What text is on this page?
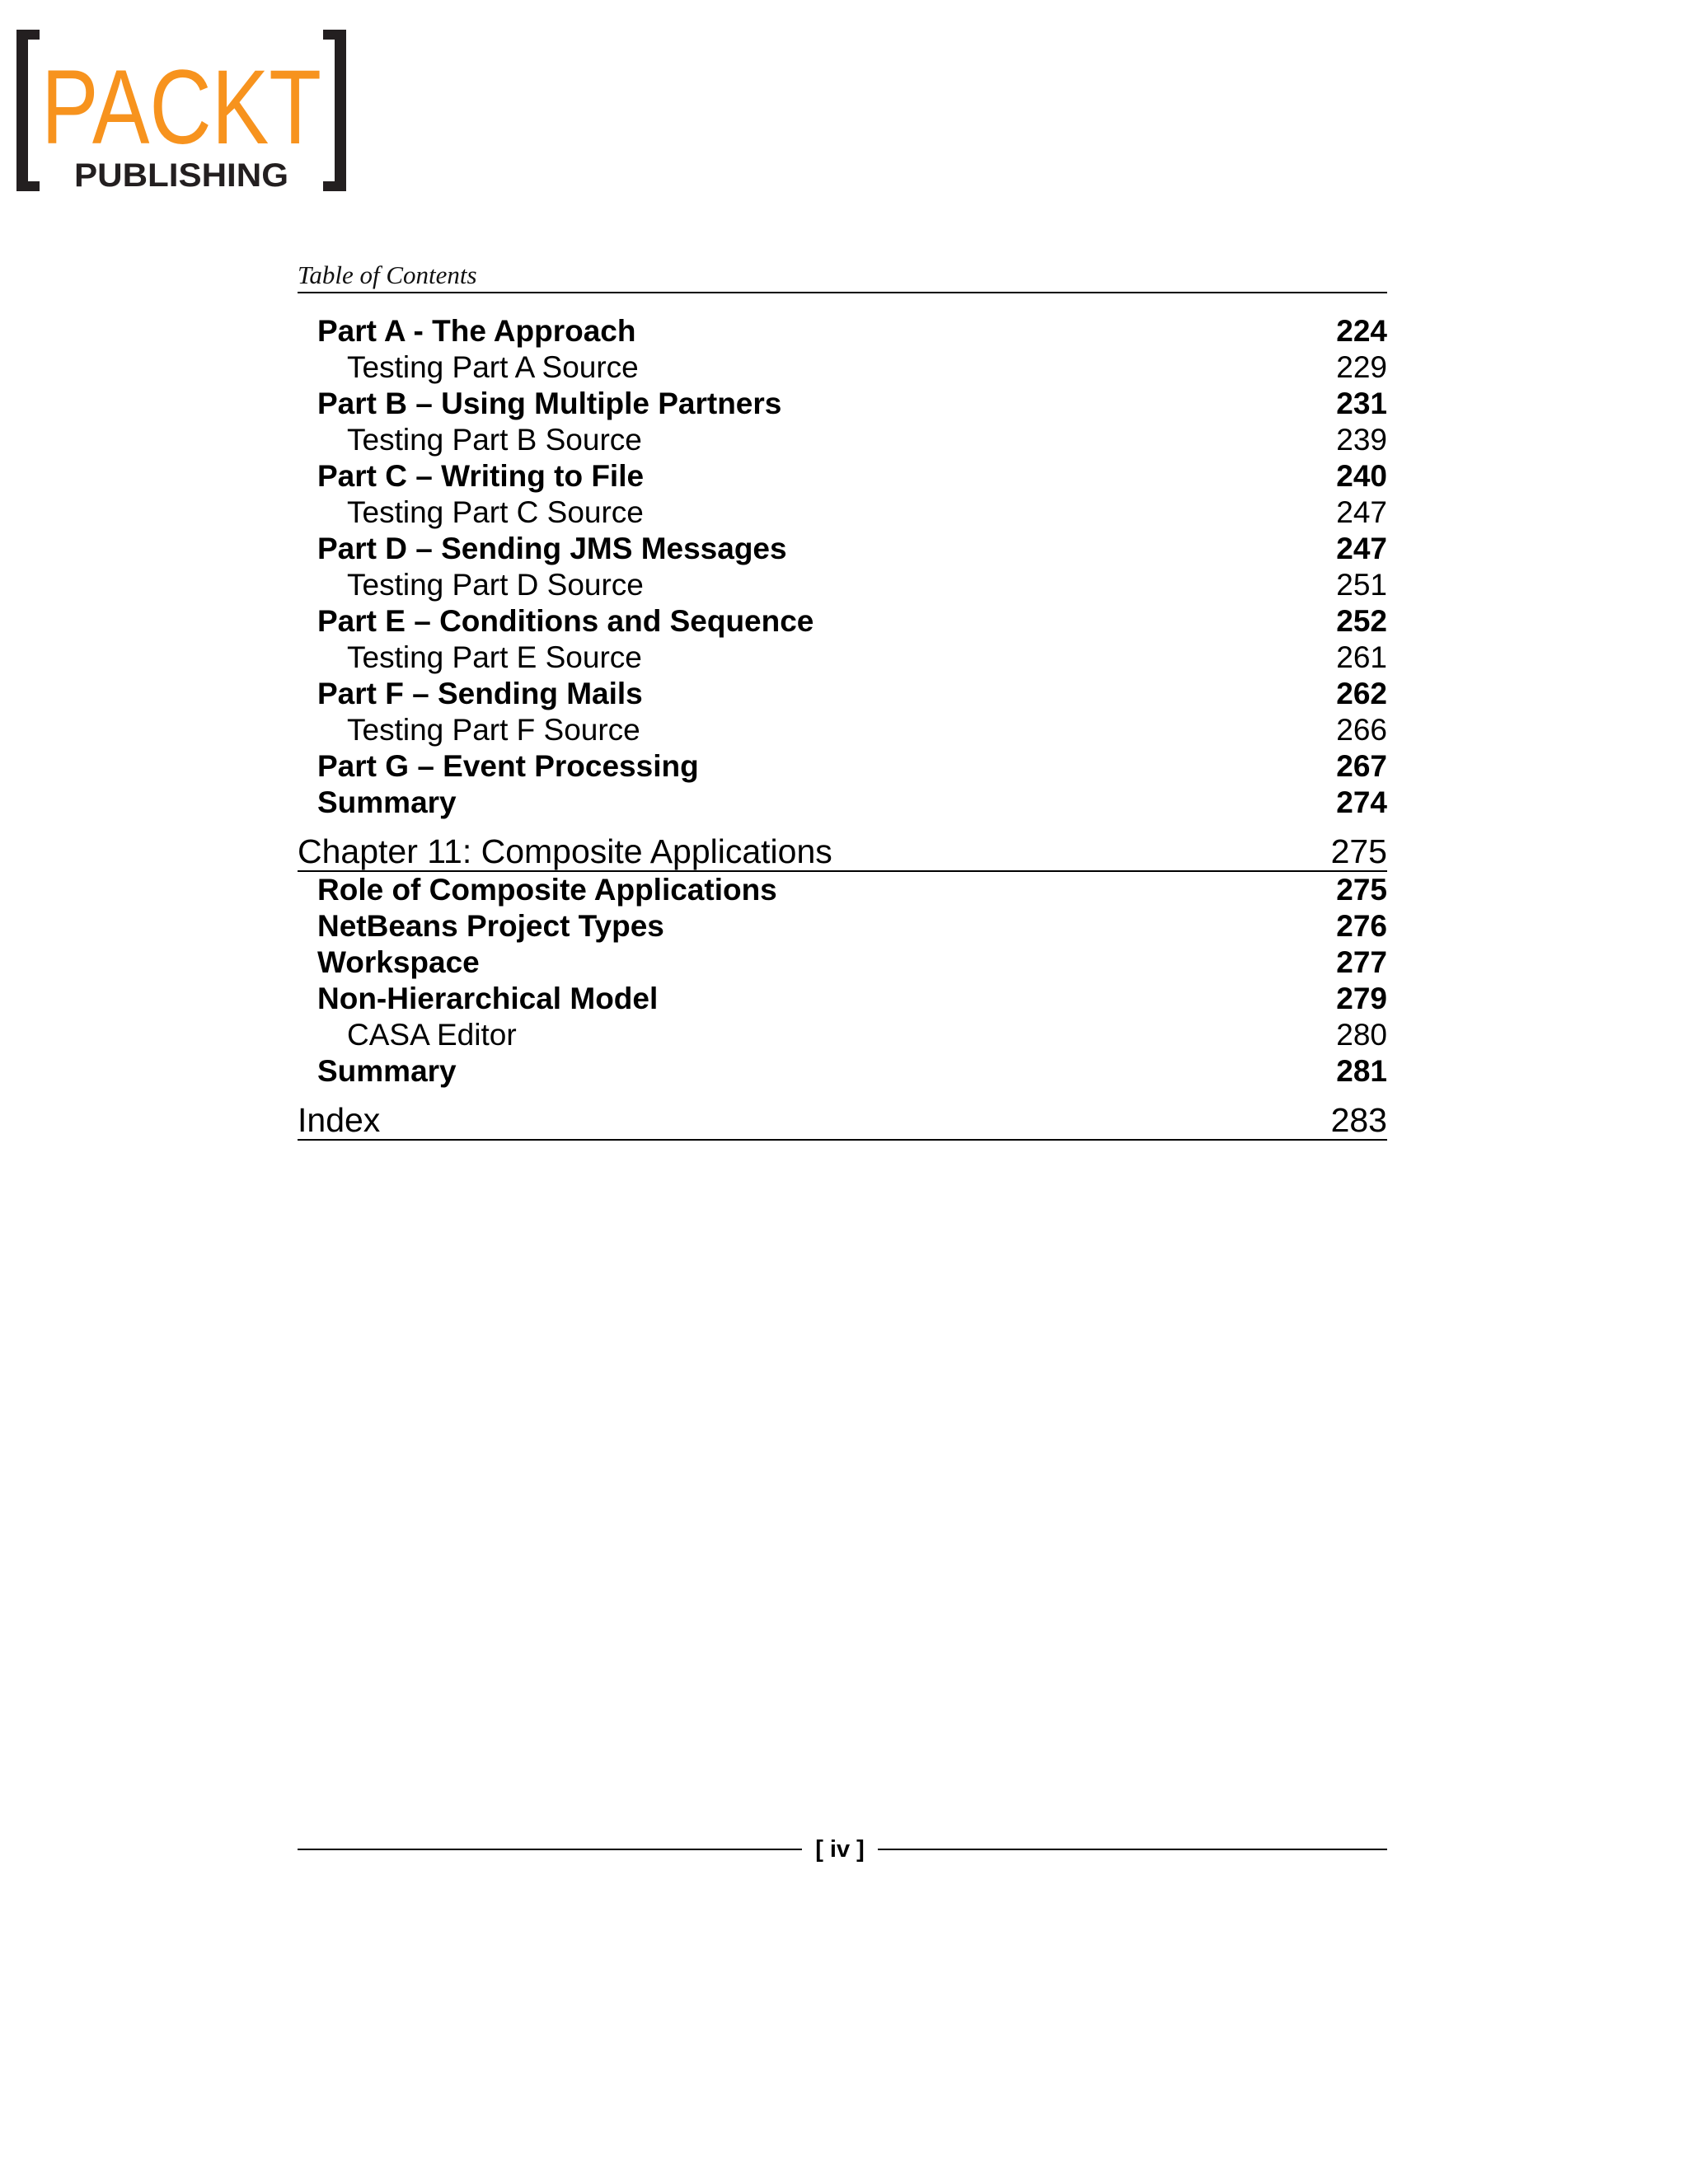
PACKT
PUBLISHING
Table of Contents
Part A - The Approach	224
Testing Part A Source	229
Part B – Using Multiple Partners	231
Testing Part B Source	239
Part C – Writing to File	240
Testing Part C Source	247
Part D – Sending JMS Messages	247
Testing Part D Source	251
Part E – Conditions and Sequence	252
Testing Part E Source	261
Part F – Sending Mails	262
Testing Part F Source	266
Part G – Event Processing	267
Summary	274
Chapter 11: Composite Applications	275
Role of Composite Applications	275
NetBeans Project Types	276
Workspace	277
Non-Hierarchical Model	279
CASA Editor	280
Summary	281
Index	283
[ iv ]
